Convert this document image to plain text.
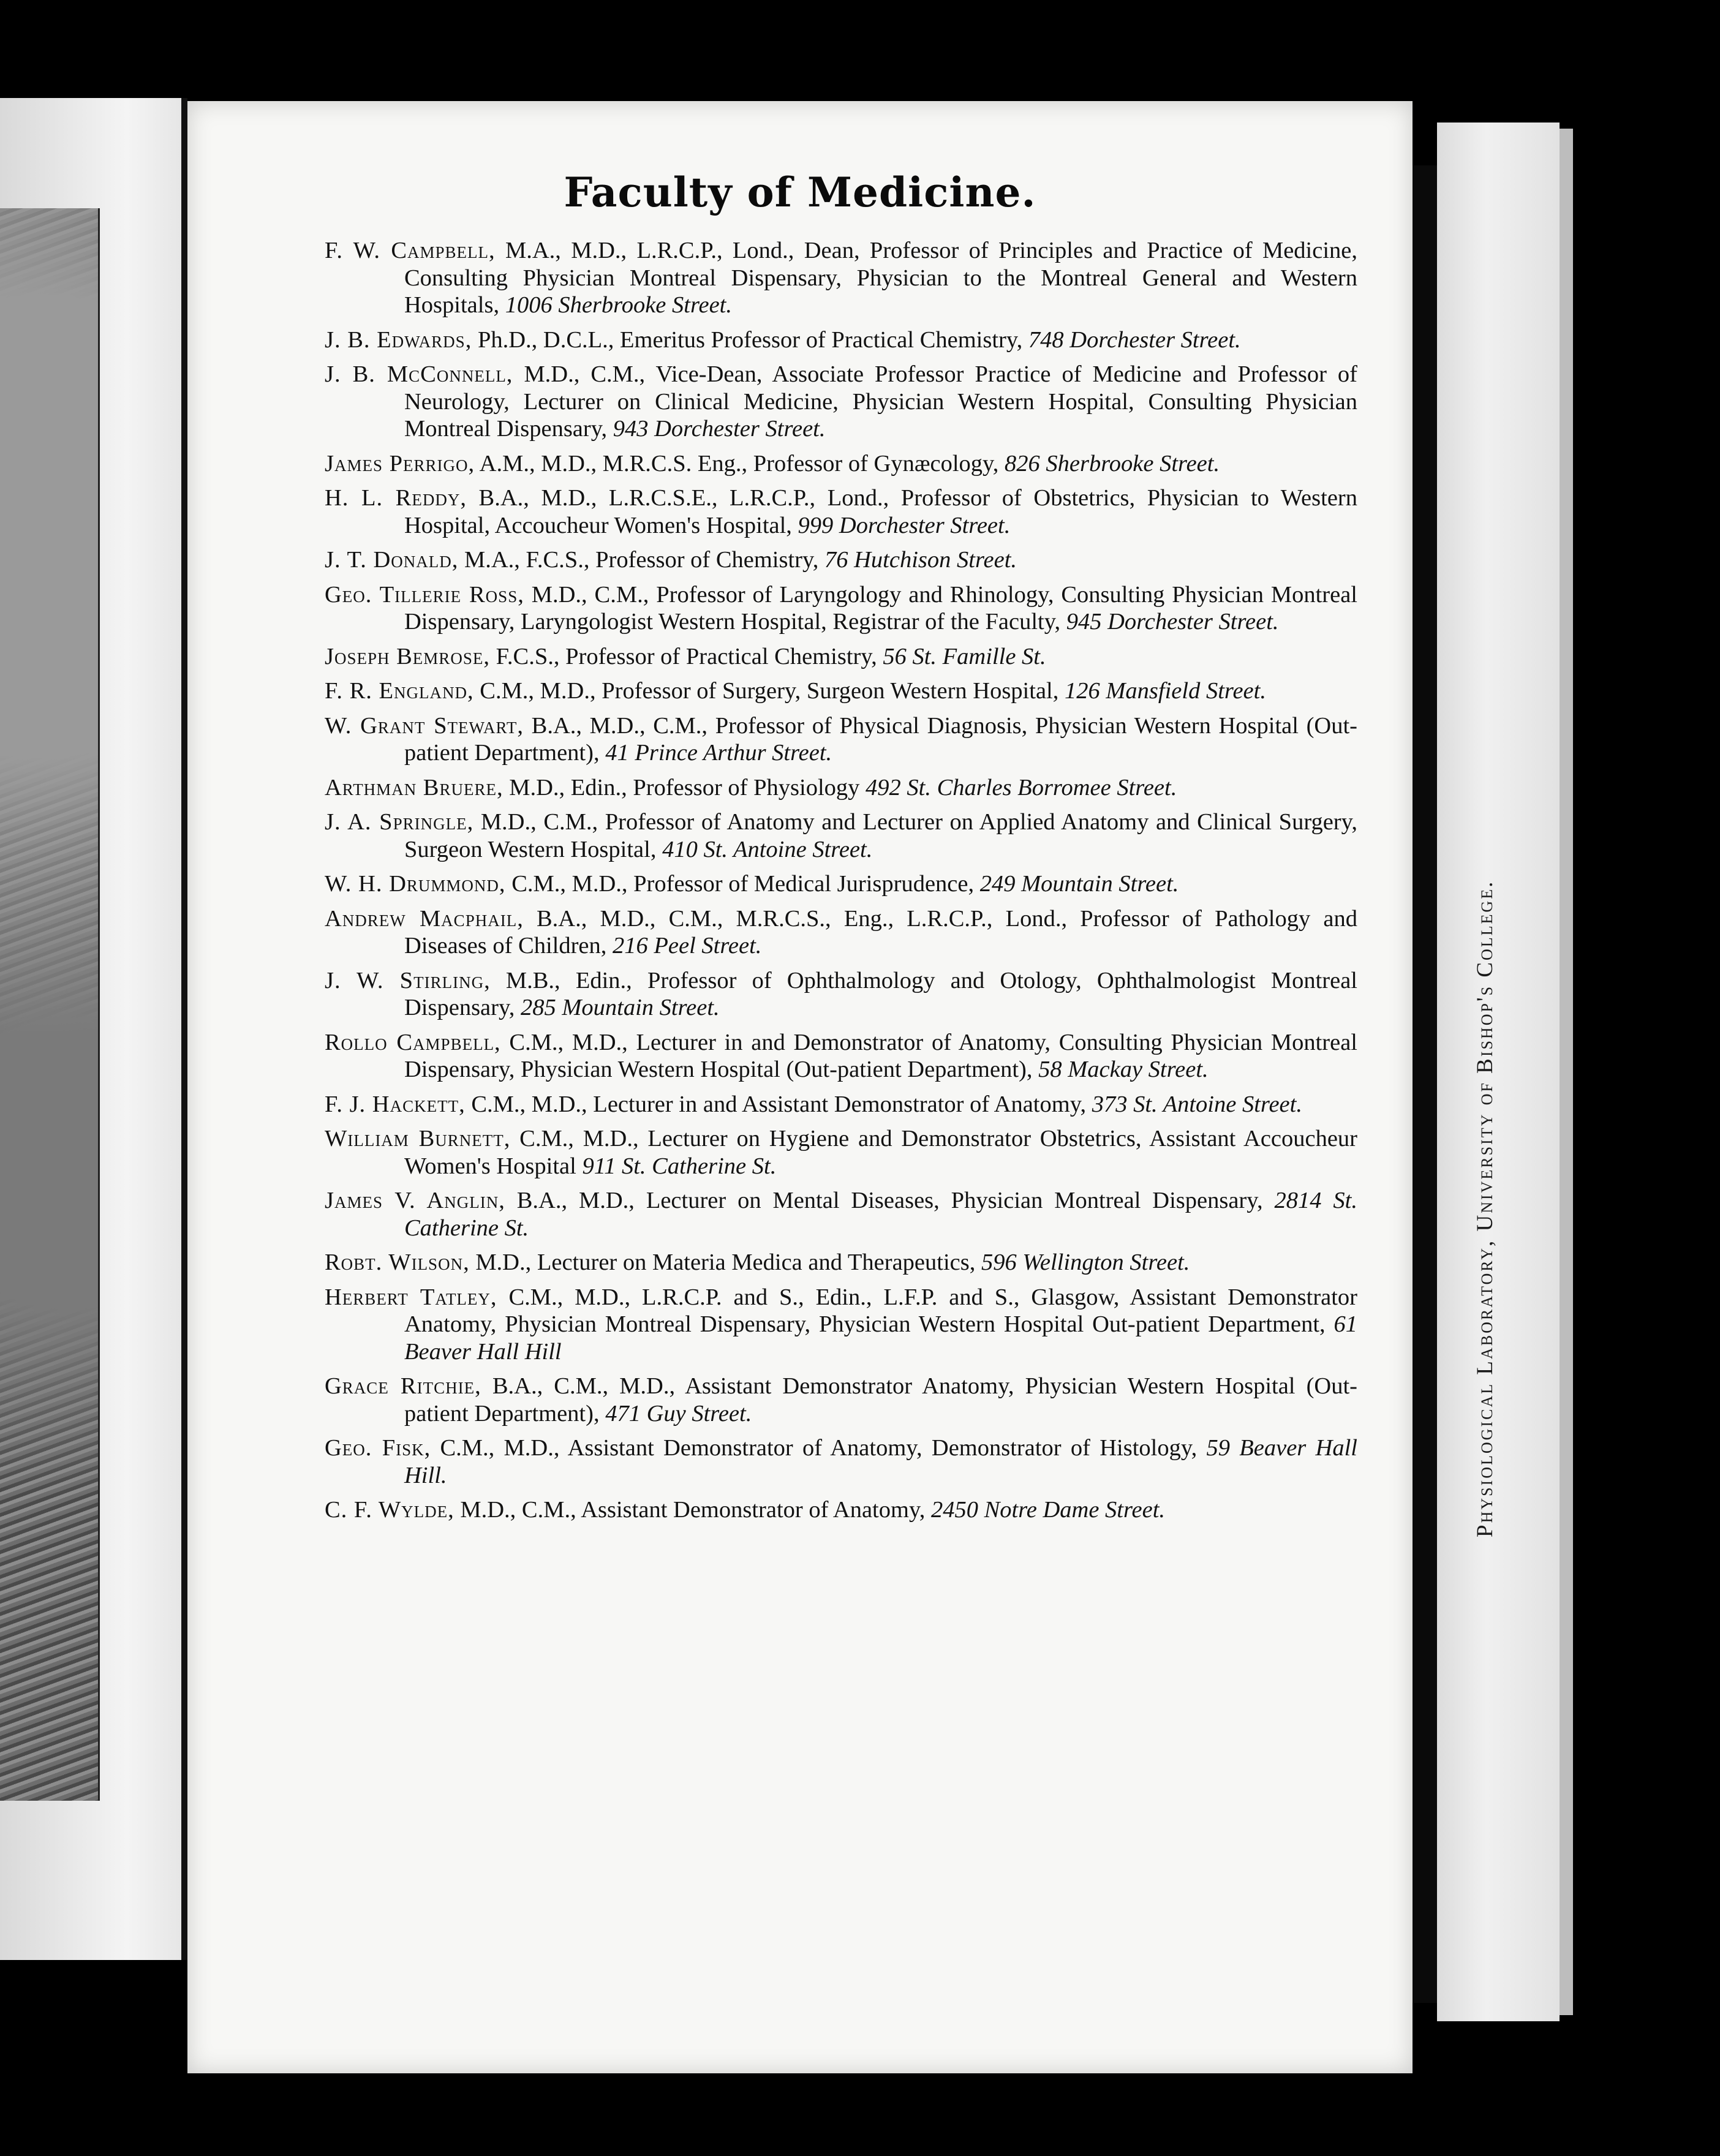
Faculty of Medicine.

F. W. Campbell, M.A., M.D., L.R.C.P., Lond., Dean, Professor of Principles and Practice of Medicine, Consulting Physician Montreal Dispensary, Physician to the Montreal General and Western Hospitals, 1006 Sherbrooke Street.

J. B. Edwards, Ph.D., D.C.L., Emeritus Professor of Practical Chemistry, 748 Dorchester Street.

J. B. McConnell, M.D., C.M., Vice-Dean, Associate Professor Practice of Medicine and Professor of Neurology, Lecturer on Clinical Medicine, Physician Western Hospital, Consulting Physician Montreal Dispensary, 943 Dorchester Street.

James Perrigo, A.M., M.D., M.R.C.S. Eng., Professor of Gynæcology, 826 Sherbrooke Street.

H. L. Reddy, B.A., M.D., L.R.C.S.E., L.R.C.P., Lond., Professor of Obstetrics, Physician to Western Hospital, Accoucheur Women's Hospital, 999 Dorchester Street.

J. T. Donald, M.A., F.C.S., Professor of Chemistry, 76 Hutchison Street.

Geo. Tillerie Ross, M.D., C.M., Professor of Laryngology and Rhinology, Consulting Physician Montreal Dispensary, Laryngologist Western Hospital, Registrar of the Faculty, 945 Dorchester Street.

Joseph Bemrose, F.C.S., Professor of Practical Chemistry, 56 St. Famille St.

F. R. England, C.M., M.D., Professor of Surgery, Surgeon Western Hospital, 126 Mansfield Street.

W. Grant Stewart, B.A., M.D., C.M., Professor of Physical Diagnosis, Physician Western Hospital (Out-patient Department), 41 Prince Arthur Street.

Arthman Bruere, M.D., Edin., Professor of Physiology 492 St. Charles Borromee Street.

J. A. Springle, M.D., C.M., Professor of Anatomy and Lecturer on Applied Anatomy and Clinical Surgery, Surgeon Western Hospital, 410 St. Antoine Street.

W. H. Drummond, C.M., M.D., Professor of Medical Jurisprudence, 249 Mountain Street.

Andrew Macphail, B.A., M.D., C.M., M.R.C.S., Eng., L.R.C.P., Lond., Professor of Pathology and Diseases of Children, 216 Peel Street.

J. W. Stirling, M.B., Edin., Professor of Ophthalmology and Otology, Ophthalmologist Montreal Dispensary, 285 Mountain Street.

Rollo Campbell, C.M., M.D., Lecturer in and Demonstrator of Anatomy, Consulting Physician Montreal Dispensary, Physician Western Hospital (Out-patient Department), 58 Mackay Street.

F. J. Hackett, C.M., M.D., Lecturer in and Assistant Demonstrator of Anatomy, 373 St. Antoine Street.

William Burnett, C.M., M.D., Lecturer on Hygiene and Demonstrator Obstetrics, Assistant Accoucheur Women's Hospital 911 St. Catherine St.

James V. Anglin, B.A., M.D., Lecturer on Mental Diseases, Physician Montreal Dispensary, 2814 St. Catherine St.

Robt. Wilson, M.D., Lecturer on Materia Medica and Therapeutics, 596 Wellington Street.

Herbert Tatley, C.M., M.D., L.R.C.P. and S., Edin., L.F.P. and S., Glasgow, Assistant Demonstrator Anatomy, Physician Montreal Dispensary, Physician Western Hospital Out-patient Department, 61 Beaver Hall Hill

Grace Ritchie, B.A., C.M., M.D., Assistant Demonstrator Anatomy, Physician Western Hospital (Out-patient Department), 471 Guy Street.

Geo. Fisk, C.M., M.D., Assistant Demonstrator of Anatomy, Demonstrator of Histology, 59 Beaver Hall Hill.

C. F. Wylde, M.D., C.M., Assistant Demonstrator of Anatomy, 2450 Notre Dame Street.	Physiological Laboratory, University of Bishop's College.
